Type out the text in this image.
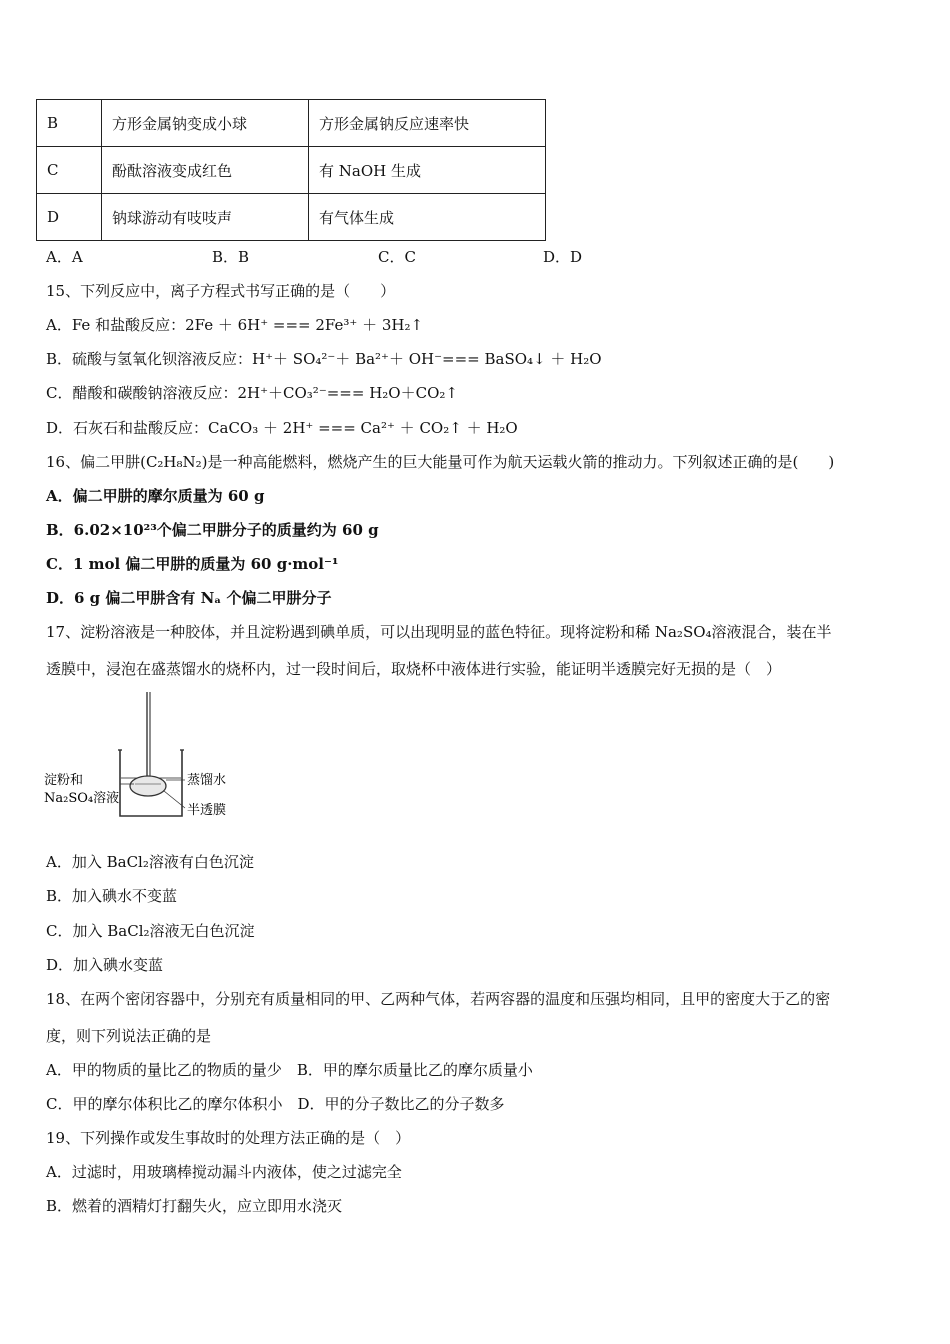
B	方形金属钠变成小球	方形金属钠反应速率快
C	酚酞溶液变成红色	有 NaOH 生成
D	钠球游动有吱吱声	有气体生成
A．A	B．B	C．C	D．D
15、下列反应中，离子方程式书写正确的是（　　）
A．Fe 和盐酸反应：2Fe ＋ 6H⁺ === 2Fe³⁺ ＋ 3H₂↑
B．硫酸与氢氧化钡溶液反应：H⁺＋ SO₄²⁻＋ Ba²⁺＋ OH⁻=== BaSO₄↓ ＋ H₂O
C．醋酸和碳酸钠溶液反应：2H⁺＋CO₃²⁻=== H₂O＋CO₂↑
D．石灰石和盐酸反应：CaCO₃ ＋ 2H⁺ === Ca²⁺ ＋ CO₂↑ ＋ H₂O
16、偏二甲肼(C₂H₈N₂)是一种高能燃料，燃烧产生的巨大能量可作为航天运载火箭的推动力。下列叙述正确的是(　　)
A．偏二甲肼的摩尔质量为 60 g
B．6.02×10²³个偏二甲肼分子的质量约为 60 g
C．1 mol 偏二甲肼的质量为 60 g·mol⁻¹
D．6 g 偏二甲肼含有 Nₐ 个偏二甲肼分子
17、淀粉溶液是一种胶体，并且淀粉遇到碘单质，可以出现明显的蓝色特征。现将淀粉和稀 Na₂SO₄溶液混合，装在半
透膜中，浸泡在盛蒸馏水的烧杯内，过一段时间后，取烧杯中液体进行实验，能证明半透膜完好无损的是（　）
淀粉和
Na₂SO₄溶液
蒸馏水
半透膜
A．加入 BaCl₂溶液有白色沉淀
B．加入碘水不变蓝
C．加入 BaCl₂溶液无白色沉淀
D．加入碘水变蓝
18、在两个密闭容器中，分别充有质量相同的甲、乙两种气体，若两容器的温度和压强均相同，且甲的密度大于乙的密
度，则下列说法正确的是
A．甲的物质的量比乙的物质的量少　B．甲的摩尔质量比乙的摩尔质量小
C．甲的摩尔体积比乙的摩尔体积小　D．甲的分子数比乙的分子数多
19、下列操作或发生事故时的处理方法正确的是（　）
A．过滤时，用玻璃棒搅动漏斗内液体，使之过滤完全
B．燃着的酒精灯打翻失火，应立即用水浇灭
